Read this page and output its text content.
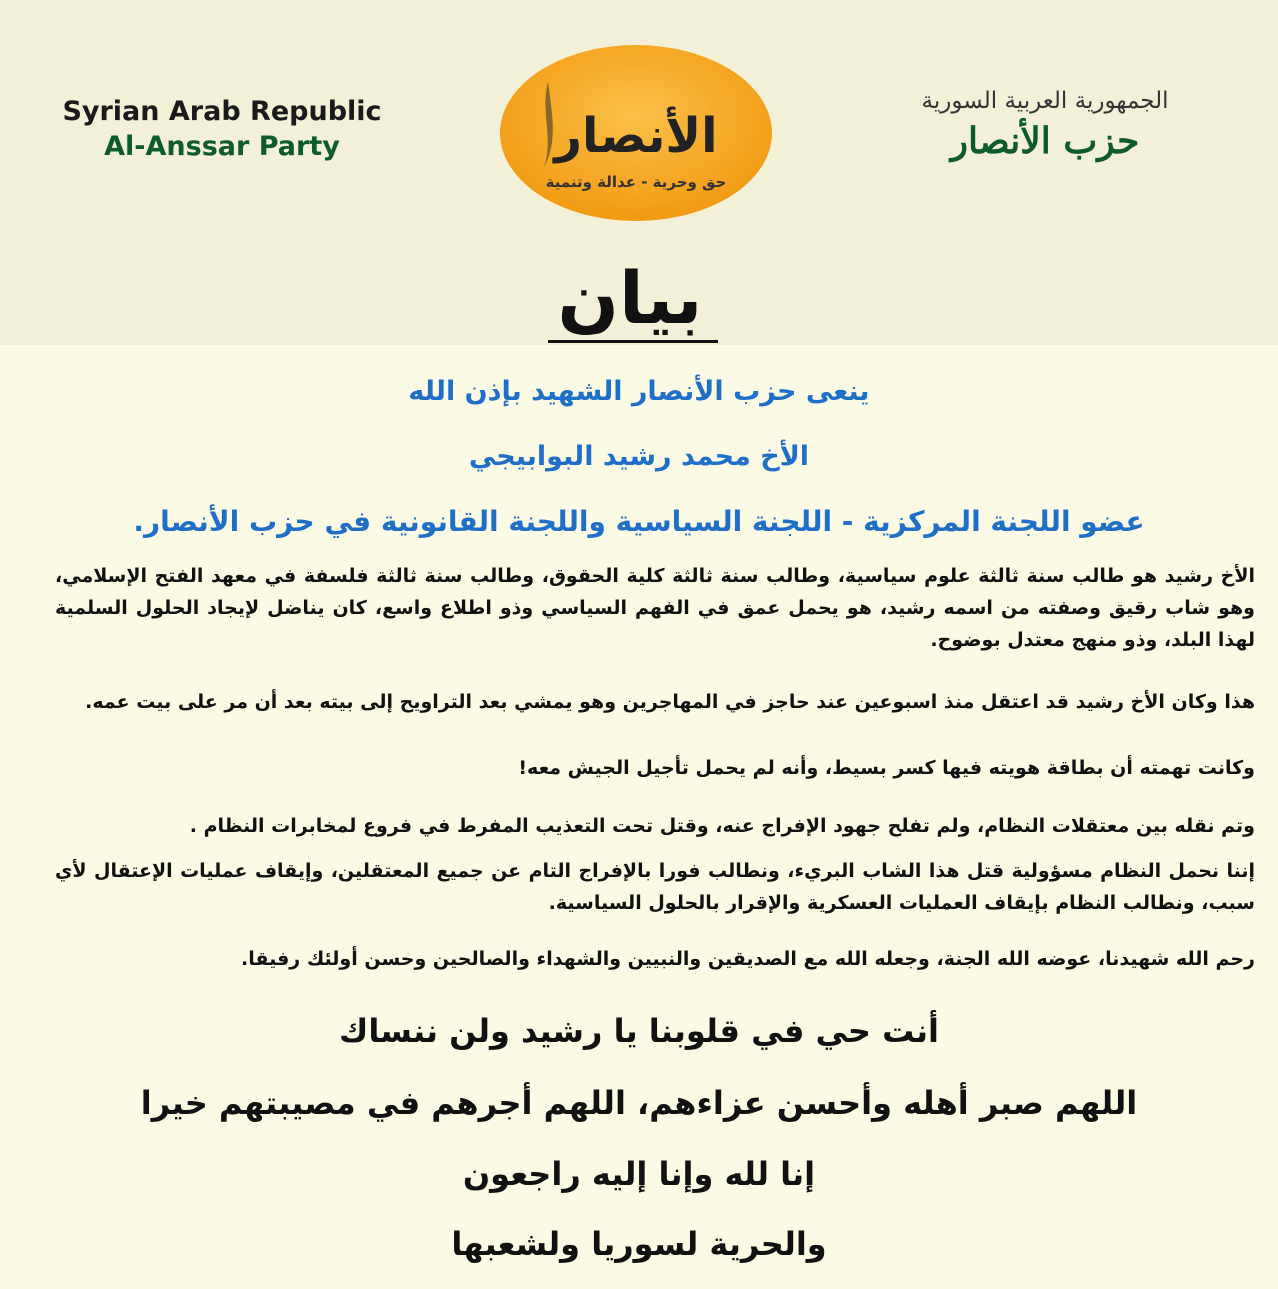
Syrian Arab Republic
Al-Anssar Party	الأنصار
حق وحرية - عدالة وتنمية
الجمهورية العربية السورية
حزب الأنصار
بيان
ينعى حزب الأنصار الشهيد بإذن الله
الأخ محمد رشيد البوابيجي
عضو اللجنة المركزية - اللجنة السياسية واللجنة القانونية في حزب الأنصار.
الأخ رشيد هو طالب سنة ثالثة علوم سياسية، وطالب سنة ثالثة كلية الحقوق، وطالب سنة ثالثة فلسفة في معهد الفتح الإسلامي، وهو شاب رقيق وصفته من اسمه رشيد، هو يحمل عمق في الفهم السياسي وذو اطلاع واسع، كان يناضل لإيجاد الحلول السلمية لهذا البلد، وذو منهج معتدل بوضوح.
هذا وكان الأخ رشيد قد اعتقل منذ اسبوعين عند حاجز في المهاجرين وهو يمشي بعد التراويح إلى بيته بعد أن مر على بيت عمه.
وكانت تهمته أن بطاقة هويته فيها كسر بسيط، وأنه لم يحمل تأجيل الجيش معه!
وتم نقله بين معتقلات النظام، ولم تفلح جهود الإفراج عنه، وقتل تحت التعذيب المفرط في فروع لمخابرات النظام .
إننا نحمل النظام مسؤولية قتل هذا الشاب البريء، ونطالب فورا بالإفراج التام عن جميع المعتقلين، وإيقاف عمليات الإعتقال لأي سبب، ونطالب النظام بإيقاف العمليات العسكرية والإقرار بالحلول السياسية.
رحم الله شهيدنا، عوضه الله الجنة، وجعله الله مع الصديقين والنبيين والشهداء والصالحين وحسن أولئك رفيقا.
أنت حي في قلوبنا يا رشيد ولن ننساك
اللهم صبر أهله وأحسن عزاءهم، اللهم أجرهم في مصيبتهم خيرا
إنا لله وإنا إليه راجعون
والحرية لسوريا ولشعبها
